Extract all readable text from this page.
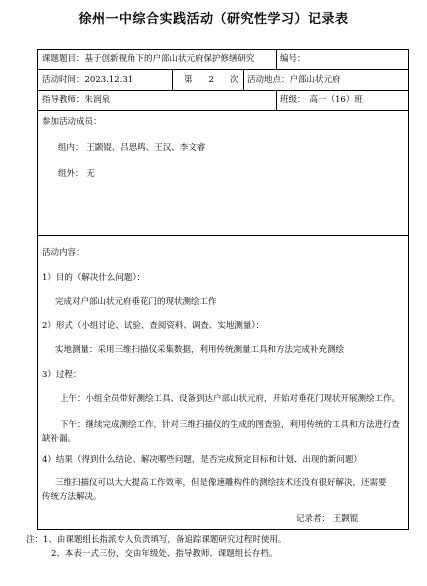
徐州一中综合实践活动（研究性学习）记录表
课题题目： 基于创新视角下的户部山状元府保护修缮研究	编号：
活动时间： 2023.12.31	第 2 次 活动地点： 户部山状元府
指导教师： 朱润泉	班级： 高一（16）班
参加活动成员：
组内： 王颢锟、吕思鸣、王汉、李文睿
组外： 无
活动内容：
1）目的（解决什么问题）：
完成对户部山状元府垂花门的现状测绘工作
2）形式（小组讨论、试验、查阅资料、调查、实地测量）：
实地测量：采用三维扫描仪采集数据，利用传统测量工具和方法完成补充测绘
3）过程：
上午：小组全员带好测绘工具、设备到达户部山状元府，开始对垂花门现状开展测绘工作。
下午：继续完成测绘工作，针对三维扫描仪的生成的图查验，利用传统的工具和方法进行查缺补漏。
4）结果（得到什么结论、解决哪些问题，是否完成预定目标和计划、出现的新问题）
三维扫描仪可以大大提高工作效率，但是像速雕构件的测绘技术还没有很好解决，还需要传统方法解决。
记录者： 王颢锟
注：1、由课题组长指派专人负责填写，备追踪课题研究过程时使用。
2、本表一式三份，交由年级处、指导教师、课题组长存档。
